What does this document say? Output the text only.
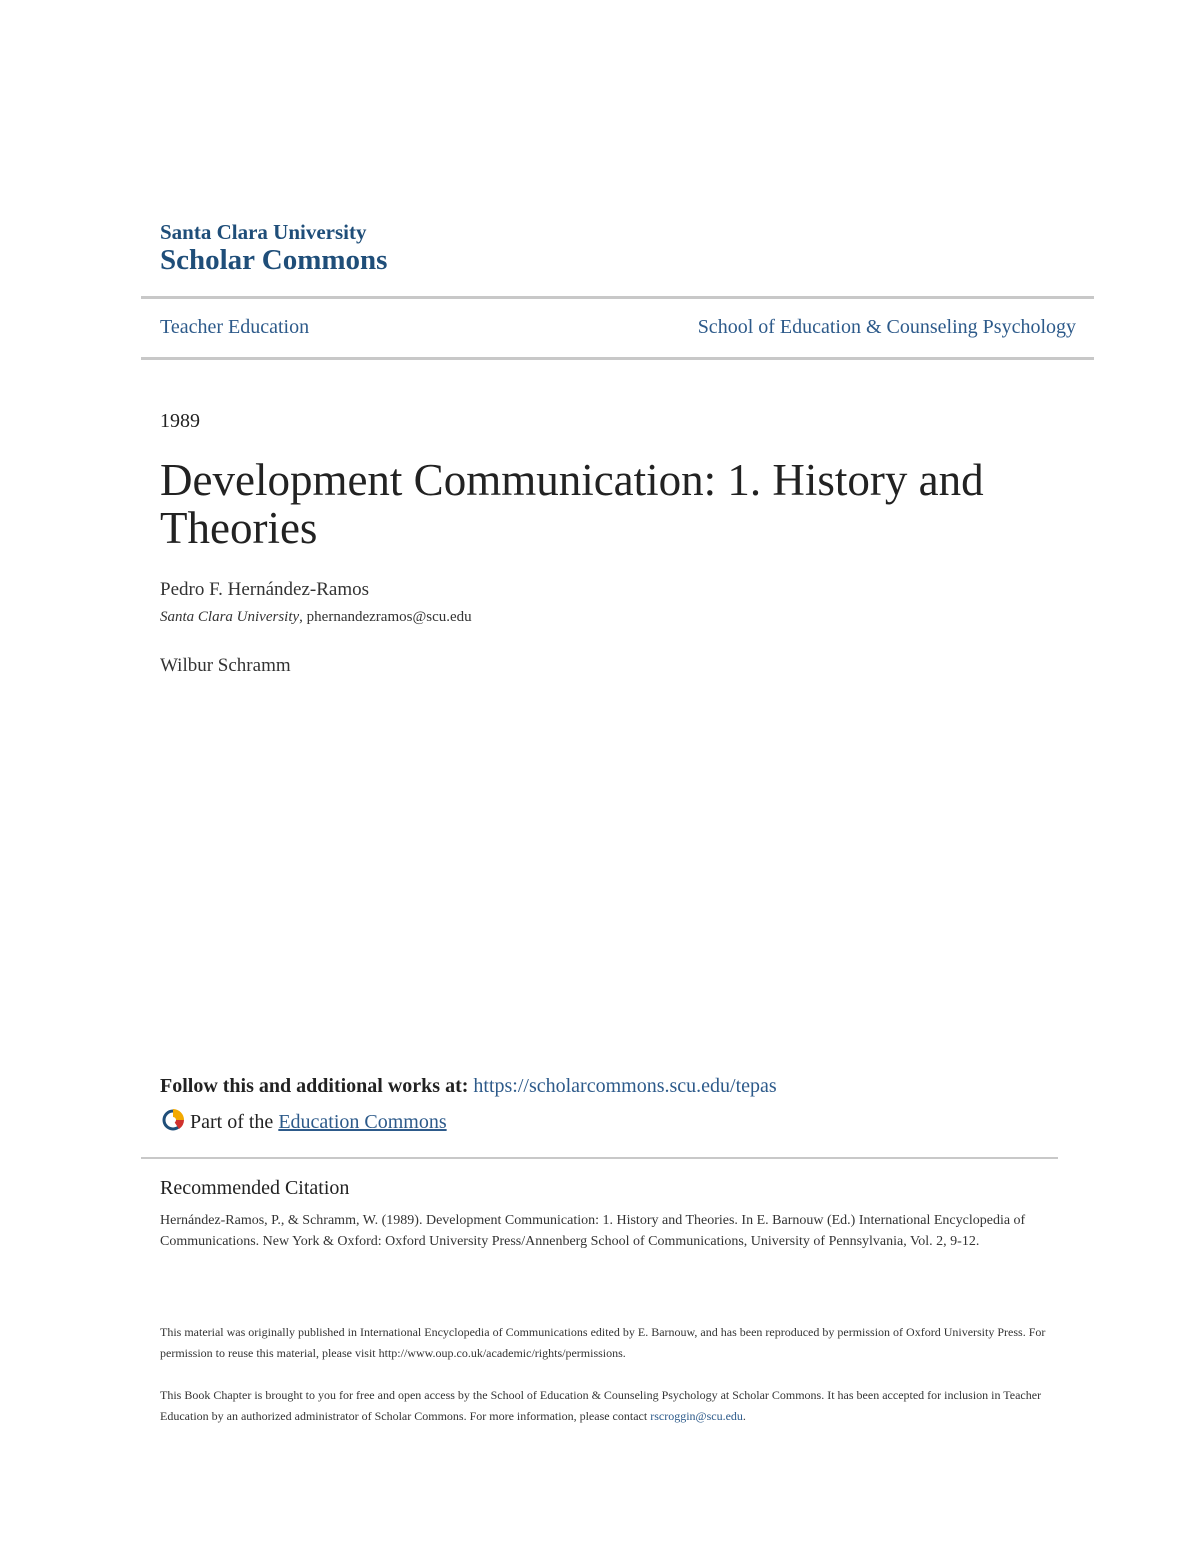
Santa Clara University
Scholar Commons
Teacher Education	School of Education & Counseling Psychology
1989
Development Communication: 1. History and Theories
Pedro F. Hernández-Ramos
Santa Clara University, phernandezramos@scu.edu
Wilbur Schramm
Follow this and additional works at: https://scholarcommons.scu.edu/tepas
Part of the Education Commons
Recommended Citation
Hernández-Ramos, P., & Schramm, W. (1989). Development Communication: 1. History and Theories. In E. Barnouw (Ed.) International Encyclopedia of Communications. New York & Oxford: Oxford University Press/Annenberg School of Communications, University of Pennsylvania, Vol. 2, 9-12.
This material was originally published in International Encyclopedia of Communications edited by E. Barnouw, and has been reproduced by permission of Oxford University Press. For permission to reuse this material, please visit http://www.oup.co.uk/academic/rights/permissions.
This Book Chapter is brought to you for free and open access by the School of Education & Counseling Psychology at Scholar Commons. It has been accepted for inclusion in Teacher Education by an authorized administrator of Scholar Commons. For more information, please contact rscroggin@scu.edu.
